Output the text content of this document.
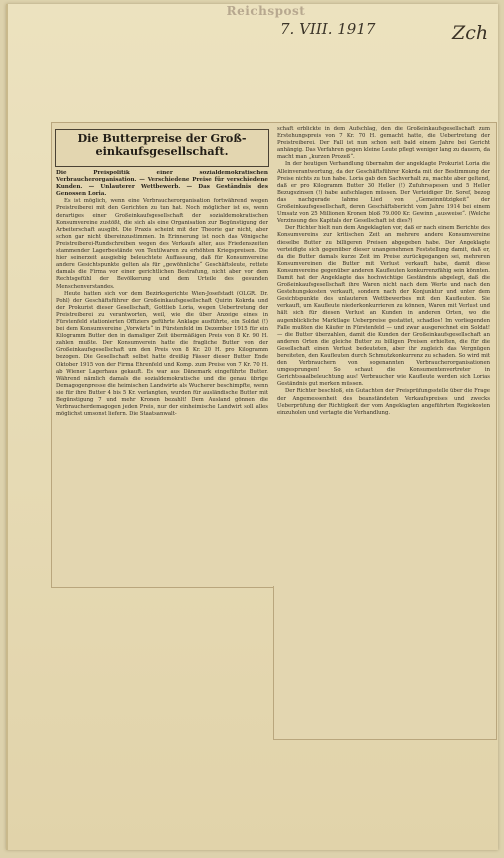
Reichspost
7. VIII. 1917	Zch
Die Butterpreise der Groß-einkaufsgesellschaft.

Die Preispolitik einer sozialdemokratischen Verbraucherorganisation. — Verschiedene Preise für verschiedene Kunden. — Unlauterer Wettbewerb. — Das Geständnis des Genossen Loria.

Es ist möglich, wenn eine Verbraucherorganisation fortwährend wegen Preistreiberei mit den Gerichten zu tun hat. Noch möglicher ist es, wenn derartiges einer Großeinkaufsgesellschaft der sozialdemokratischen Konsumvereine zustößt, die sich als eine Organisation zur Begünstigung der Arbeiterschaft ausgibt. Die Praxis scheint mit der Theorie gar nicht, aber schon gar nicht übereinzustimmen. In Erinnerung ist noch das Vönigsche Preistreiberei-Rundschreiben wegen des Verkaufs alter, aus Friedenszeiten stammender Lagerbestände von Textilwaren zu erhöhten Kriegspreisen. Die hier seinerzeit ausgiebig beleuchtete Auffassung, daß für Konsumvereine andere Gesichtspunkte gelten als für „gewöhnliche“ Geschäftsleute, rettete damals die Firma vor einer gerichtlichen Bestrafung, nicht aber vor dem Rechtsgefühl der Bevölkerung und dem Urteile des gesunden Menschenverstandes.

Heute hatten sich vor dem Bezirksgerichte Wien-Josefstadt (OLGR. Dr. Pohl) der Geschäftsführer der Großeinkaufsgesellschaft Quirin Kokrda und der Prokurist dieser Gesellschaft, Gottlieb Loria, wegen Uebertretung der Preistreiberei zu verantworten, weil, wie die über Anzeige eines in Fürstenfeld stationierten Offiziers geführte Anklage ausführte, ein Soldat (!) bei dem Konsumvereine „Vorwärts“ in Fürstenfeld im Dezember 1915 für ein Kilogramm Butter den in damaliger Zeit übermäßigen Preis von 8 Kr. 90 H. zahlen mußte. Der Konsumverein hatte die fragliche Butter von der Großeinkaufsgesellschaft um den Preis von 8 Kr. 20 H. pro Kilogramm bezogen. Die Gesellschaft selbst hatte dreißig Fässer dieser Butter Ende Oktober 1915 von der Firma Ehrenfeld und Komp. zum Preise von 7 Kr. 70 H. ab Wiener Lagerhaus gekauft. Es war aus Dänemark eingeführte Butter. Während nämlich damals die sozialdemokratische und die genau übrige Demagogenpresse die heimischen Landwirte als Wucherer beschimpfte, wenn sie für ihre Butter 4 bis 5 Kr. verlangten, wurden für ausländische Butter mit Begünstigung 7 und mehr Kronen bezahlt! Dem Ausland gönnen die Verbraucherdemagogen jeden Preis, nur der einheimische Landwirt soll alles möglichst umsonst liefern. Die Staatsanwalt-

schaft erblickte in dem Aufschlag, den die Großeinkaufsgesellschaft zum Erstehungspreis von 7 Kr. 70 H. gemacht hatte, die Uebertretung der Preistreiberei. Der Fall ist nun schon seit bald einem Jahre bei Gericht anhängig. Das Verfahren gegen kleine Leute pflegt weniger lang zu dauern, da macht man „kurzen Prozeß“.

In der heutigen Verhandlung übernahm der angeklagte Prokurist Loria die Alleinverantwortung, da der Geschäftsführer Kokrda mit der Bestimmung der Preise nichts zu tun habe. Loria gab den Sachverhalt zu, machte aber geltend, daß er pro Kilogramm Butter 30 Heller (!) Zufuhrsspesen und 5 Heller Bezugszinsen (!) habe aufschlagen müssen. Der Verteidiger Dr. Soref, bezog das nachgerade lahme Lied von „Gemeinnützigkeit“ der Großeinkaufsgesellschaft, deren Geschäftsbericht vom Jahre 1914 bei einem Umsatz von 25 Millionen Kronen bloß 79.000 Kr. Gewinn „ausweise“. (Welche Verzinsung des Kapitals der Gesellschaft ist dies?)

Der Richter hielt nun dem Angeklagten vor, daß er nach einem Berichte des Konsumvereins zur kritischen Zeit an mehrere andere Konsumvereine dieselbe Butter zu billigeren Preisen abgegeben habe. Der Angeklagte verteidigte sich gegenüber dieser unangenehmen Feststellung damit, daß er, da die Butter damals kurze Zeit im Preise zurückgegangen sei, mehreren Konsumvereinen die Butter mit Verlust verkauft habe, damit diese Konsumvereine gegenüber anderen Kaufleuten konkurrenzfähig sein könnten. Damit hat der Angeklagte das hochwichtige Geständnis abgelegt, daß die Großeinkaufsgesellschaft ihre Waren nicht nach dem Werte und nach den Gestehungskosten verkauft, sondern nach der Konjunktur und unter dem Gesichtspunkte des unlauteren Wettbewerbes mit den Kaufleuten. Sie verkauft, um Kaufleute niederkonkurrieren zu können, Waren mit Verlust und hält sich für diesen Verlust an Kunden in anderen Orten, wo die augenblickliche Marktlage Ueberpreise gestattet, schadlos! Im vorliegenden Falle mußten die Käufer in Fürstenfeld — und zwar ausgerechnet ein Soldat! — die Butter überzahlen, damit die Kunden der Großeinkaufsgesellschaft an anderen Orten die gleiche Butter zu billigen Preisen erhielten, die für die Gesellschaft einen Verlust bedeuteten, aber ihr zugleich das Vergnügen bereiteten, den Kaufleuten durch Schmutzkonkurrenz zu schaden. So wird mit den Verbrauchern von sogenannten Verbraucherorganisationen umgesprungen! So schaut die Konsumentenvertreter in Gerichtssaalbeleuchtung aus! Verbraucher wie Kaufleute werden sich Lorias Geständnis gut merken müssen.

Der Richter beschloß, ein Gutachten der Preisprüfungsstelle über die Frage der Angemessenheit des beanständeten Verkaufspreises und zwecks Ueberprüfung der Richtigkeit der vom Angeklagten angeführten Regiekosten einzuholen und vertagte die Verhandlung.
